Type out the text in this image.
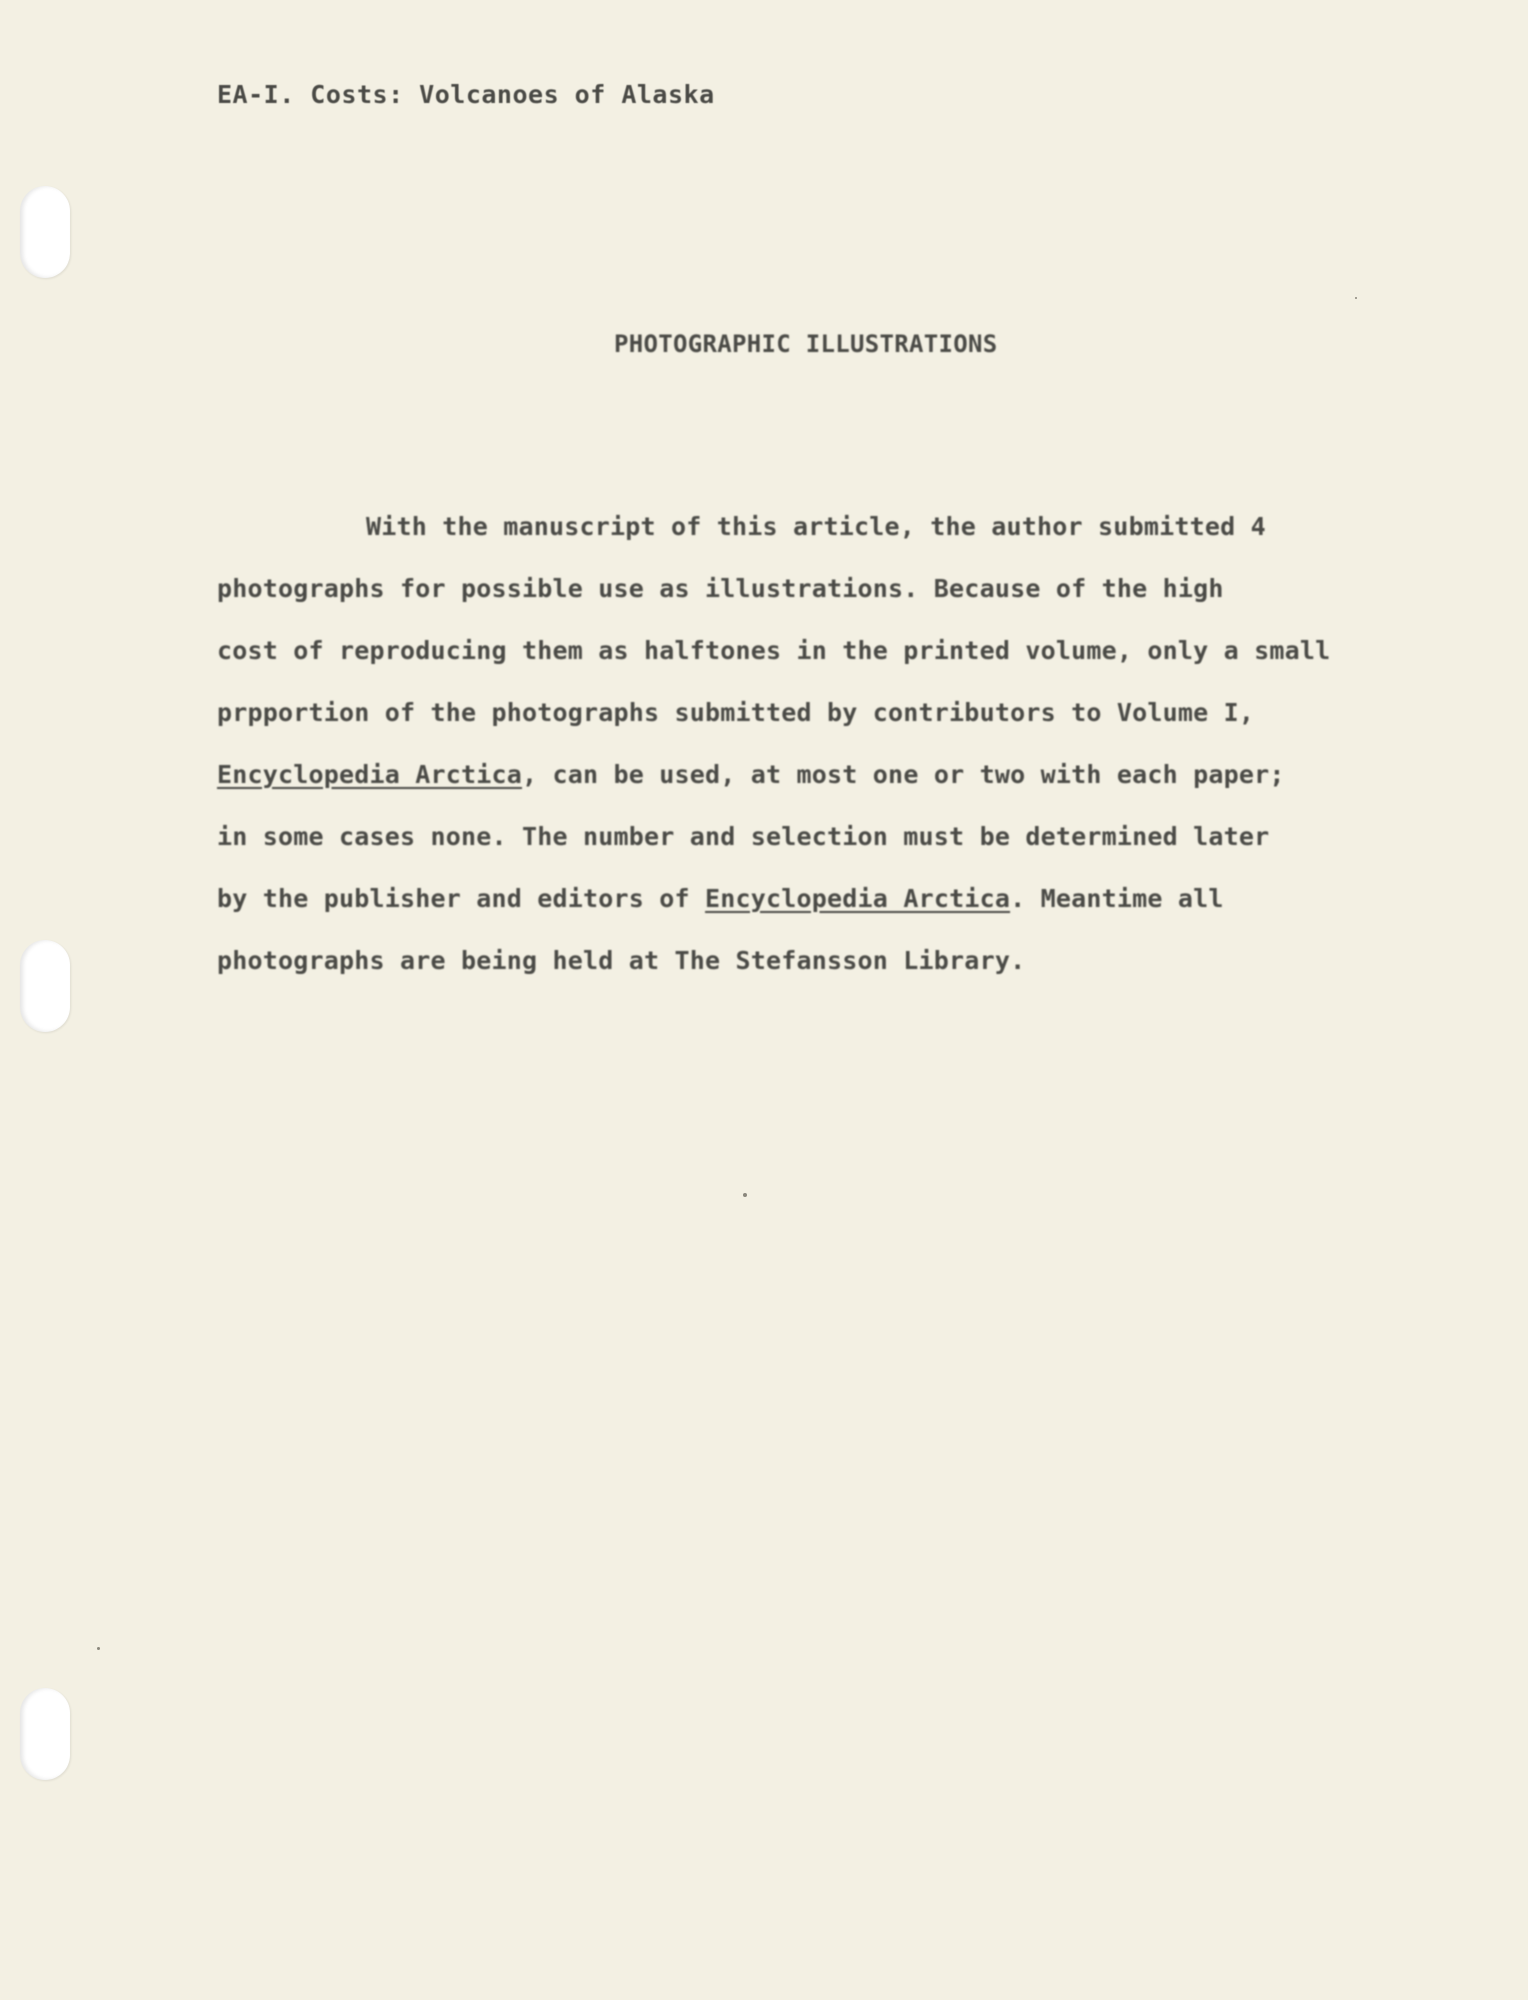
EA-I. Costs: Volcanoes of Alaska
PHOTOGRAPHIC ILLUSTRATIONS
With the manuscript of this article, the author submitted 4
photographs for possible use as illustrations. Because of the high
cost of reproducing them as halftones in the printed volume, only a small
prpportion of the photographs submitted by contributors to Volume I,
Encyclopedia Arctica, can be used, at most one or two with each paper;
in some cases none. The number and selection must be determined later
by the publisher and editors of Encyclopedia Arctica. Meantime all
photographs are being held at The Stefansson Library.
